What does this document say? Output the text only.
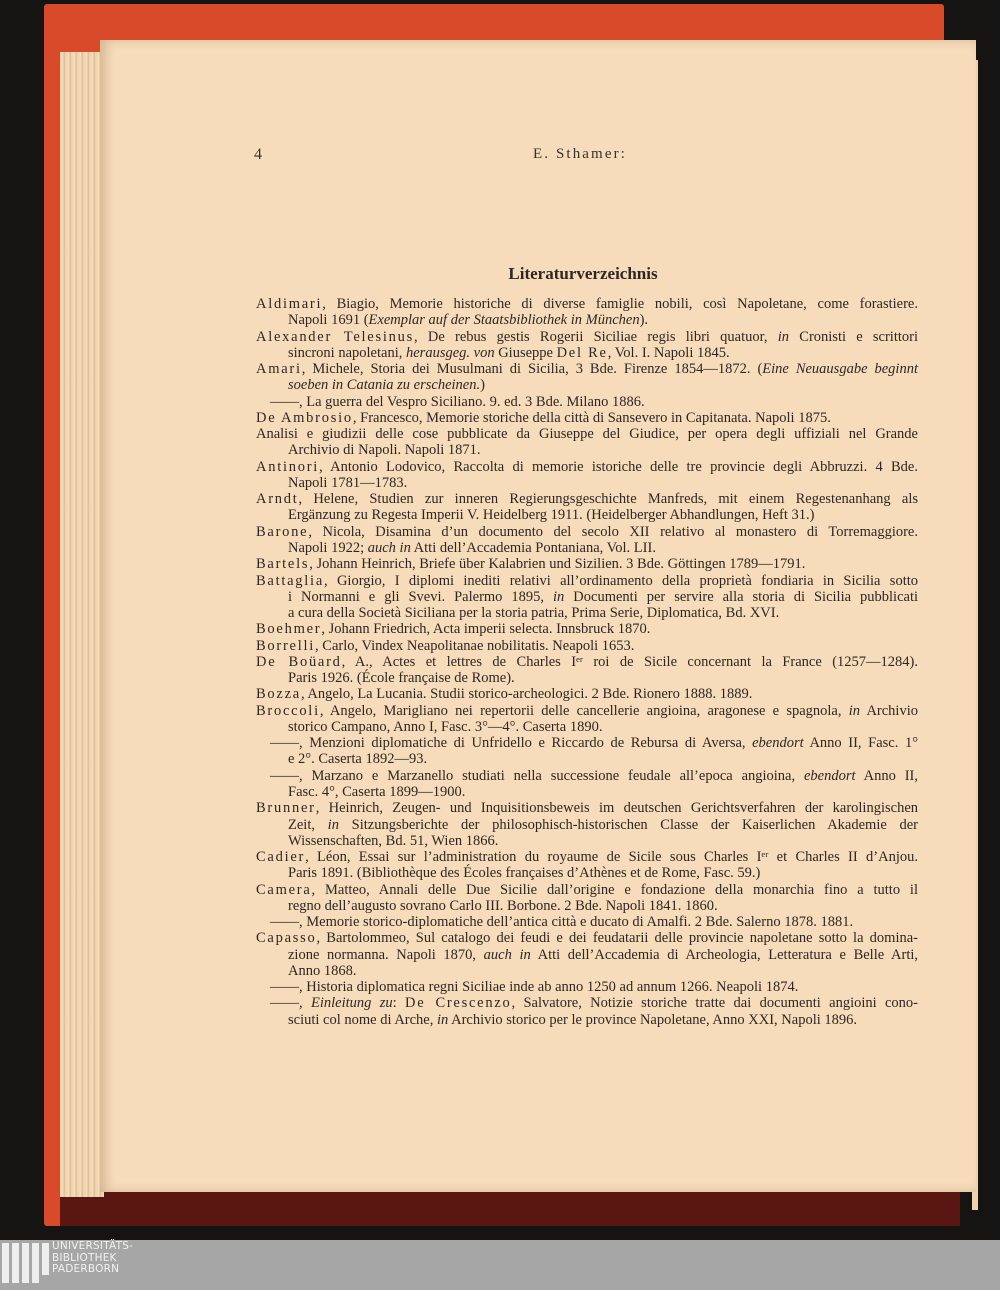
4	E. Sthamer:
Literaturverzeichnis
Aldimari, Biagio, Memorie historiche di diverse famiglie nobili, così Napoletane, come forastiere.
Napoli 1691 (Exemplar auf der Staatsbibliothek in München).
Alexander Telesinus, De rebus gestis Rogerii Siciliae regis libri quatuor, in Cronisti e scrittori
sincroni napoletani, herausgeg. von Giuseppe Del Re, Vol. I. Napoli 1845.
Amari, Michele, Storia dei Musulmani di Sicilia, 3 Bde. Firenze 1854—1872. (Eine Neuausgabe beginnt
soeben in Catania zu erscheinen.)
——, La guerra del Vespro Siciliano. 9. ed. 3 Bde. Milano 1886.
De Ambrosio, Francesco, Memorie storiche della città di Sansevero in Capitanata. Napoli 1875.
Analisi e giudizii delle cose pubblicate da Giuseppe del Giudice, per opera degli uffiziali nel Grande
Archivio di Napoli. Napoli 1871.
Antinori, Antonio Lodovico, Raccolta di memorie istoriche delle tre provincie degli Abbruzzi. 4 Bde.
Napoli 1781—1783.
Arndt, Helene, Studien zur inneren Regierungsgeschichte Manfreds, mit einem Regestenanhang als
Ergänzung zu Regesta Imperii V. Heidelberg 1911. (Heidelberger Abhandlungen, Heft 31.)
Barone, Nicola, Disamina d’un documento del secolo XII relativo al monastero di Torremaggiore.
Napoli 1922; auch in Atti dell’Accademia Pontaniana, Vol. LII.
Bartels, Johann Heinrich, Briefe über Kalabrien und Sizilien. 3 Bde. Göttingen 1789—1791.
Battaglia, Giorgio, I diplomi inediti relativi all’ordinamento della proprietà fondiaria in Sicilia sotto
i Normanni e gli Svevi. Palermo 1895, in Documenti per servire alla storia di Sicilia pubblicati
a cura della Società Siciliana per la storia patria, Prima Serie, Diplomatica, Bd. XVI.
Boehmer, Johann Friedrich, Acta imperii selecta. Innsbruck 1870.
Borrelli, Carlo, Vindex Neapolitanae nobilitatis. Neapoli 1653.
De Boüard, A., Actes et lettres de Charles Iᵉʳ roi de Sicile concernant la France (1257—1284).
Paris 1926. (École française de Rome).
Bozza, Angelo, La Lucania. Studii storico-archeologici. 2 Bde. Rionero 1888. 1889.
Broccoli, Angelo, Marigliano nei repertorii delle cancellerie angioina, aragonese e spagnola, in Archivio
storico Campano, Anno I, Fasc. 3°—4°. Caserta 1890.
——, Menzioni diplomatiche di Unfridello e Riccardo de Rebursa di Aversa, ebendort Anno II, Fasc. 1°
e 2°. Caserta 1892—93.
——, Marzano e Marzanello studiati nella successione feudale all’epoca angioina, ebendort Anno II,
Fasc. 4°, Caserta 1899—1900.
Brunner, Heinrich, Zeugen- und Inquisitionsbeweis im deutschen Gerichtsverfahren der karolingischen
Zeit, in Sitzungsberichte der philosophisch-historischen Classe der Kaiserlichen Akademie der
Wissenschaften, Bd. 51, Wien 1866.
Cadier, Léon, Essai sur l’administration du royaume de Sicile sous Charles Iᵉʳ et Charles II d’Anjou.
Paris 1891. (Bibliothèque des Écoles françaises d’Athènes et de Rome, Fasc. 59.)
Camera, Matteo, Annali delle Due Sicilie dall’origine e fondazione della monarchia fino a tutto il
regno dell’augusto sovrano Carlo III. Borbone. 2 Bde. Napoli 1841. 1860.
——, Memorie storico-diplomatiche dell’antica città e ducato di Amalfi. 2 Bde. Salerno 1878. 1881.
Capasso, Bartolommeo, Sul catalogo dei feudi e dei feudatarii delle provincie napoletane sotto la domina-
zione normanna. Napoli 1870, auch in Atti dell’Accademia di Archeologia, Letteratura e Belle Arti,
Anno 1868.
——, Historia diplomatica regni Siciliae inde ab anno 1250 ad annum 1266. Neapoli 1874.
——, Einleitung zu: De Crescenzo, Salvatore, Notizie storiche tratte dai documenti angioini cono-
sciuti col nome di Arche, in Archivio storico per le province Napoletane, Anno XXI, Napoli 1896.
UNIVERSITÄTS-
BIBLIOTHEK
PADERBORN
